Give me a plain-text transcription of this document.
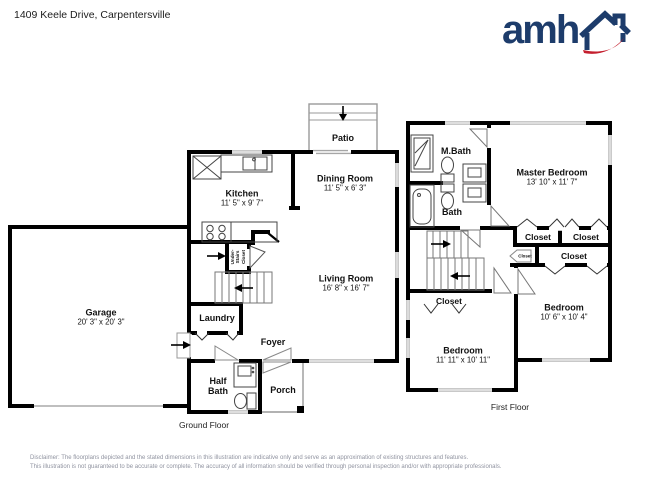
1409 Keele Drive, Carpentersville	amh
Patio
Kitchen
11' 5" x 9' 7"
Dining Room
11' 5" x 6' 3"
Living Room
16' 8" x 16' 7"
Garage
20' 3" x 20' 3"
Under- Stairs Closet
Laundry
Foyer
Half
Bath	Porch
Ground Floor
M.Bath
Bath
Master Bedroom
13' 10" x 11' 7"
Closet	Closet
Closet	Closet
Closet
Bedroom
10' 6" x 10' 4"
Bedroom
11' 11" x 10' 11"
First Floor
Disclaimer: The floorplans depicted and the stated dimensions in this illustration are indicative only and serve as an approximation of existing structures and features.
This illustration is not guaranteed to be accurate or complete. The accuracy of all information should be verified through personal inspection and/or with appropriate professionals.
